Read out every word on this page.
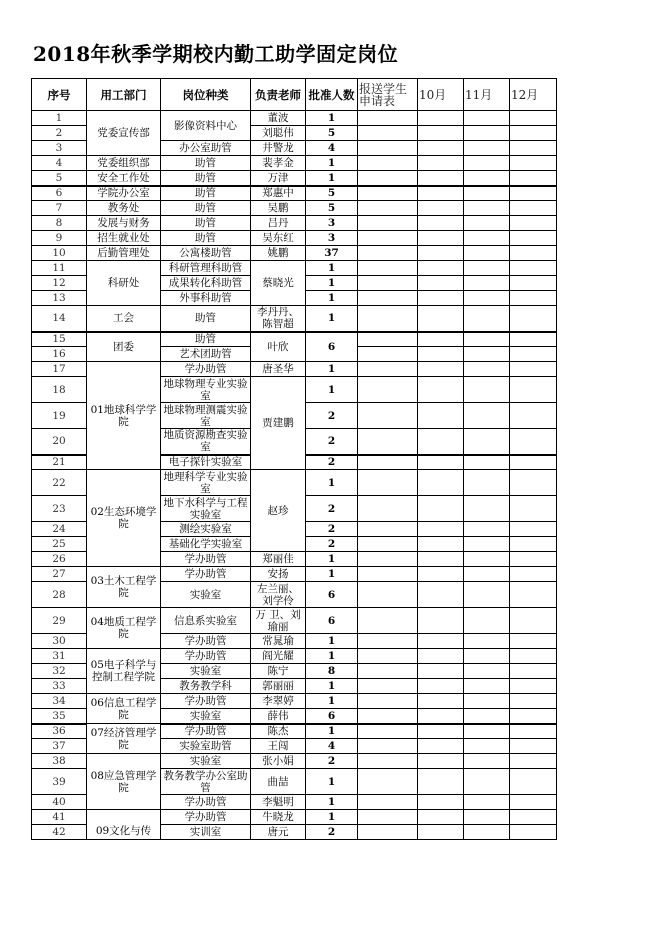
2018年秋季学期校内勤工助学固定岗位
序号	用工部门	岗位种类	负责老师	批准人数	报送学生申请表	10月	11月	12月
1	党委宣传部	影像资料中心	董波	1				
2			刘聪伟	5				
3		办公室助管	井警龙	4				
4	党委组织部	助管	裴孝金	1				
5	安全工作处	助管	万津	1				
6	学院办公室	助管	郑惠中	5				
7	教务处	助管	吴鹏	5				
8	发展与财务	助管	吕丹	3				
9	招生就业处	助管	吴东红	3				
10	后勤管理处	公寓楼助管	姚鹏	37				
11	科研处	科研管理科助管	蔡晓光	1				
12		成果转化科助管		1				
13		外事科助管		1				
14	工会	助管	李丹丹、陈智超	1				
15	团委	助管	叶欣	6				
16		艺术团助管						
17	01地球科学学院	学办助管	唐圣华	1				
18		地球物理专业实验室	贾建鹏	1				
19		地球物理测震实验室		2				
20		地质资源勘查实验室		2				
21		电子探针实验室		2				
22	02生态环境学院	地理科学专业实验室	赵珍	1				
23		地下水科学与工程实验室		2				
24		测绘实验室		2				
25		基础化学实验室		2				
26		学办助管	郑丽佳	1				
27	03土木工程学院	学办助管	安扬	1				
28		实验室	左兰丽、刘学伶	6				
29	04地质工程学院	信息系实验室	万 卫、刘瑜丽	6				
30		学办助管	常晁瑜	1				
31	05电子科学与控制工程学院	学办助管	阎光耀	1				
32		实验室	陈宁	8				
33		教务教学科	郭丽丽	1				
34	06信息工程学院	学办助管	李翠婷	1				
35		实验室	薛伟	6				
36	07经济管理学院	学办助管	陈杰	1				
37		实验室助管	王闯	4				
38	08应急管理学院	实验室	张小娟	2				
39		教务教学办公室助管	曲喆	1				
40		学办助管	李魁明	1				
41	09文化与传	学办助管	牛晓龙	1				
42		实训室	唐元	2				
